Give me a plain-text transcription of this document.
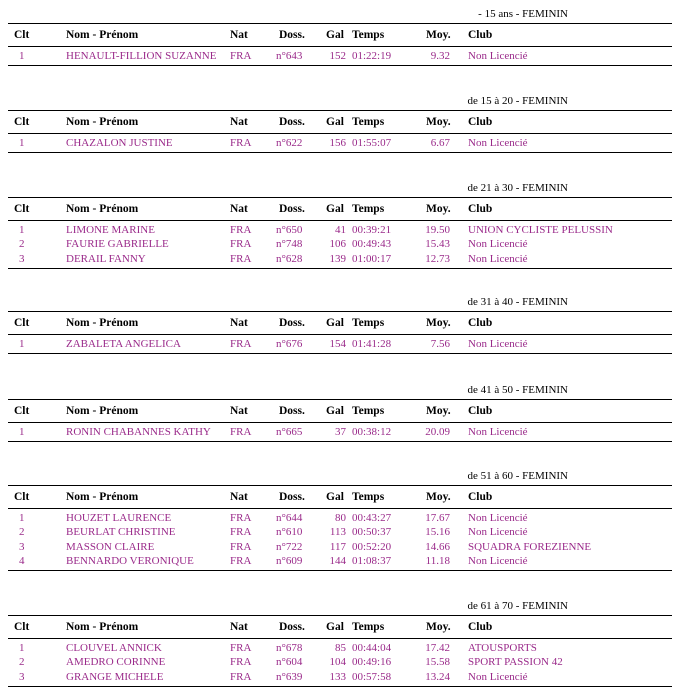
- 15 ans - FEMININ
Clt	Nom - Prénom	Nat	Doss. Gal Temps	Moy. Club
1	HENAULT-FILLION SUZANNE	FRA	n°643	152 01:22:19	9.32 Non Licencié
de 15 à 20 - FEMININ
Clt	Nom - Prénom	Nat	Doss. Gal Temps	Moy. Club
1	CHAZALON JUSTINE	FRA	n°622	156 01:55:07	6.67 Non Licencié
de 21 à 30 - FEMININ
Clt	Nom - Prénom	Nat	Doss. Gal Temps	Moy. Club
1	LIMONE MARINE	FRA	n°650	41 00:39:21	19.50 UNION CYCLISTE PELUSSIN
2	FAURIE GABRIELLE	FRA	n°748	106 00:49:43	15.43 Non Licencié
3	DERAIL FANNY	FRA	n°628	139 01:00:17	12.73 Non Licencié
de 31 à 40 - FEMININ
Clt	Nom - Prénom	Nat	Doss. Gal Temps	Moy. Club
1	ZABALETA ANGELICA	FRA	n°676	154 01:41:28	7.56 Non Licencié
de 41 à 50 - FEMININ
Clt	Nom - Prénom	Nat	Doss. Gal Temps	Moy. Club
1	RONIN CHABANNES KATHY	FRA	n°665	37 00:38:12	20.09 Non Licencié
de 51 à 60 - FEMININ
Clt	Nom - Prénom	Nat	Doss. Gal Temps	Moy. Club
1	HOUZET LAURENCE	FRA	n°644	80 00:43:27	17.67 Non Licencié
2	BEURLAT CHRISTINE	FRA	n°610	113 00:50:37	15.16 Non Licencié
3	MASSON CLAIRE	FRA	n°722	117 00:52:20	14.66 SQUADRA FOREZIENNE
4	BENNARDO VERONIQUE	FRA	n°609	144 01:08:37	11.18 Non Licencié
de 61 à 70 - FEMININ
Clt	Nom - Prénom	Nat	Doss. Gal Temps	Moy. Club
1	CLOUVEL ANNICK	FRA	n°678	85 00:44:04	17.42 ATOUSPORTS
2	AMEDRO CORINNE	FRA	n°604	104 00:49:16	15.58 SPORT PASSION 42
3	GRANGE MICHELE	FRA	n°639	133 00:57:58	13.24 Non Licencié
